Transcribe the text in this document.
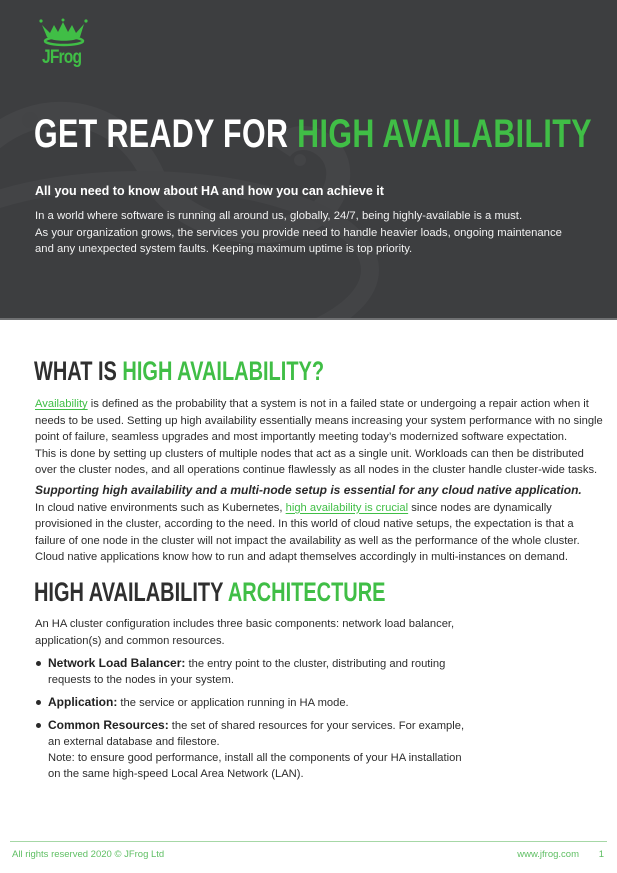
JFrog
GET READY FOR HIGH AVAILABILITY
All you need to know about HA and how you can achieve it

In a world where software is running all around us, globally, 24/7, being highly-available is a must.

As your organization grows, the services you provide need to handle heavier loads, ongoing maintenance

and any unexpected system faults. Keeping maximum uptime is top priority.

WHAT IS HIGH AVAILABILITY?

Availability is defined as the probability that a system is not in a failed state or undergoing a repair action when it needs to be used. Setting up high availability essentially means increasing your system performance with no single point of failure, seamless upgrades and most importantly meeting today’s modernized software expectation.

This is done by setting up clusters of multiple nodes that act as a single unit. Workloads can then be distributed over the cluster nodes, and all operations continue flawlessly as all nodes in the cluster handle cluster-wide tasks.

Supporting high availability and a multi-node setup is essential for any cloud native application.

In cloud native environments such as Kubernetes, high availability is crucial since nodes are dynamically provisioned in the cluster, according to the need. In this world of cloud native setups, the expectation is that a failure of one node in the cluster will not impact the availability as well as the performance of the whole cluster. Cloud native applications know how to run and adapt themselves accordingly in multi-instances on demand.

HIGH AVAILABILITY ARCHITECTURE

An HA cluster configuration includes three basic components: network load balancer, application(s) and common resources.

Network Load Balancer: the entry point to the cluster, distributing and routing requests to the nodes in your system.
Application: the service or application running in HA mode.
Common Resources: the set of shared resources for your services. For example, an external database and filestore.
Note: to ensure good performance, install all the components of your HA installation on the same high-speed Local Area Network (LAN).
All rights reserved 2020 © JFrog Ltd	www.jfrog.com 1
